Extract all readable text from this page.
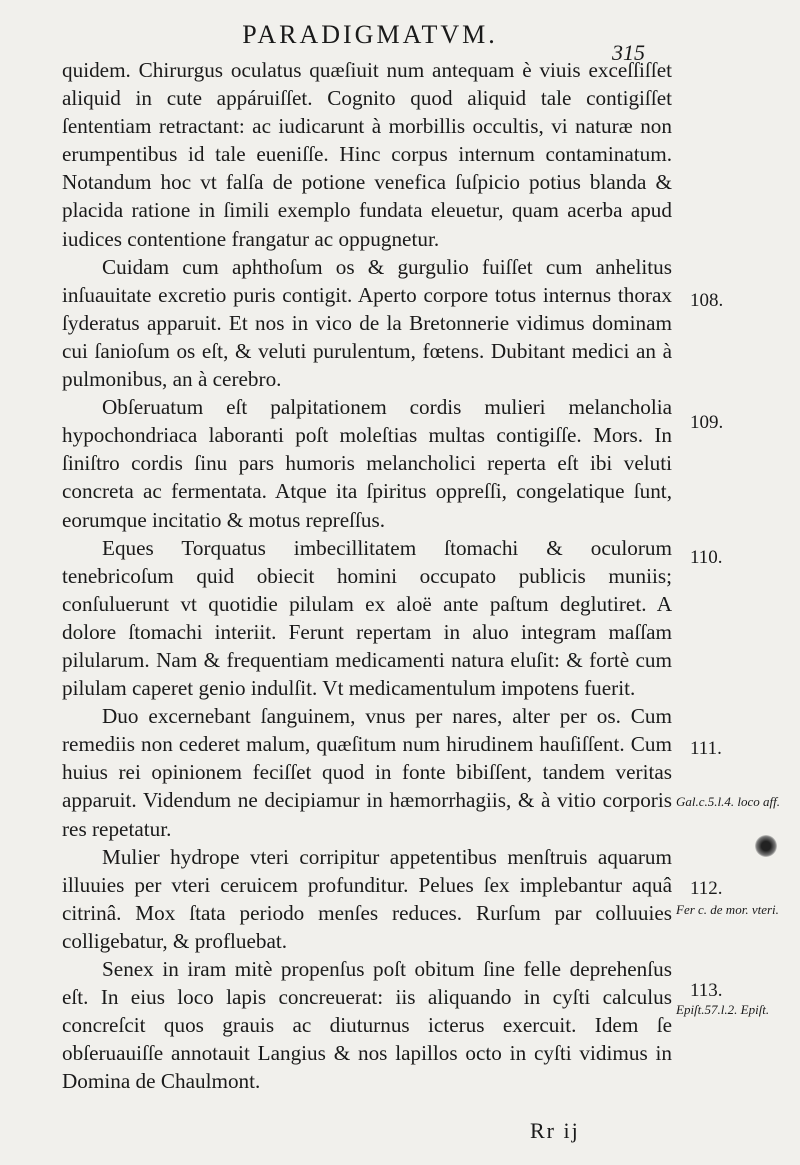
PARADIGMATVM.
315

quidem. Chirurgus oculatus quæſiuit num antequam è viuis exceſſiſſet aliquid in cute appáruiſſet. Cognito quod aliquid tale contigiſſet ſententiam retractant: ac iudicarunt à morbillis occultis, vi naturæ non erumpentibus id tale eueniſſe. Hinc corpus internum contaminatum. Notandum hoc vt falſa de potione venefica ſuſpicio potius blanda & placida ratione in ſimili exemplo fundata eleuetur, quam acerba apud iudices contentione frangatur ac oppugnetur.

Cuidam cum aphthoſum os & gurgulio fuiſſet cum anhelitus inſuauitate excretio puris contigit. Aperto corpore totus internus thorax ſyderatus apparuit. Et nos in vico de la Bretonnerie vidimus dominam cui ſanioſum os eſt, & veluti purulentum, fœtens. Dubitant medici an à pulmonibus, an à cerebro.

Obſeruatum eſt palpitationem cordis mulieri melancholia hypochondriaca laboranti poſt moleſtias multas contigiſſe. Mors. In ſiniſtro cordis ſinu pars humoris melancholici reperta eſt ibi veluti concreta ac fermentata. Atque ita ſpiritus oppreſſi, congelatique ſunt, eorumque incitatio & motus repreſſus.

Eques Torquatus imbecillitatem ſtomachi & oculorum tenebricoſum quid obiecit homini occupato publicis muniis; conſuluerunt vt quotidie pilulam ex aloë ante paſtum deglutiret. A dolore ſtomachi interiit. Ferunt repertam in aluo integram maſſam pilularum. Nam & frequentiam medicamenti natura eluſit: & fortè cum pilulam caperet genio indulſit. Vt medicamentulum impotens fuerit.

Duo excernebant ſanguinem, vnus per nares, alter per os. Cum remediis non cederet malum, quæſitum num hirudinem hauſiſſent. Cum huius rei opinionem feciſſet quod in fonte bibiſſent, tandem veritas apparuit. Videndum ne decipiamur in hæmorrhagiis, & à vitio corporis res repetatur.

Mulier hydrope vteri corripitur appetentibus menſtruis aquarum illuuies per vteri ceruicem profunditur. Pelues ſex implebantur aquâ citrinâ. Mox ſtata periodo menſes reduces. Rurſum par colluuies colligebatur, & profluebat.

Senex in iram mitè propenſus poſt obitum ſine felle deprehenſus eſt. In eius loco lapis concreuerat: iis aliquando in cyſti calculus concreſcit quos grauis ac diuturnus icterus exercuit. Idem ſe obſeruauiſſe annotauit Langius & nos lapillos octo in cyſti vidimus in Domina de Chaulmont.

108.
109.
110.
111.
Gal.c.5.l.4. loco aff.
112.
Fer c. de mor. vteri.
113.
Epiſt.57.l.2. Epiſt.
Rr ij
